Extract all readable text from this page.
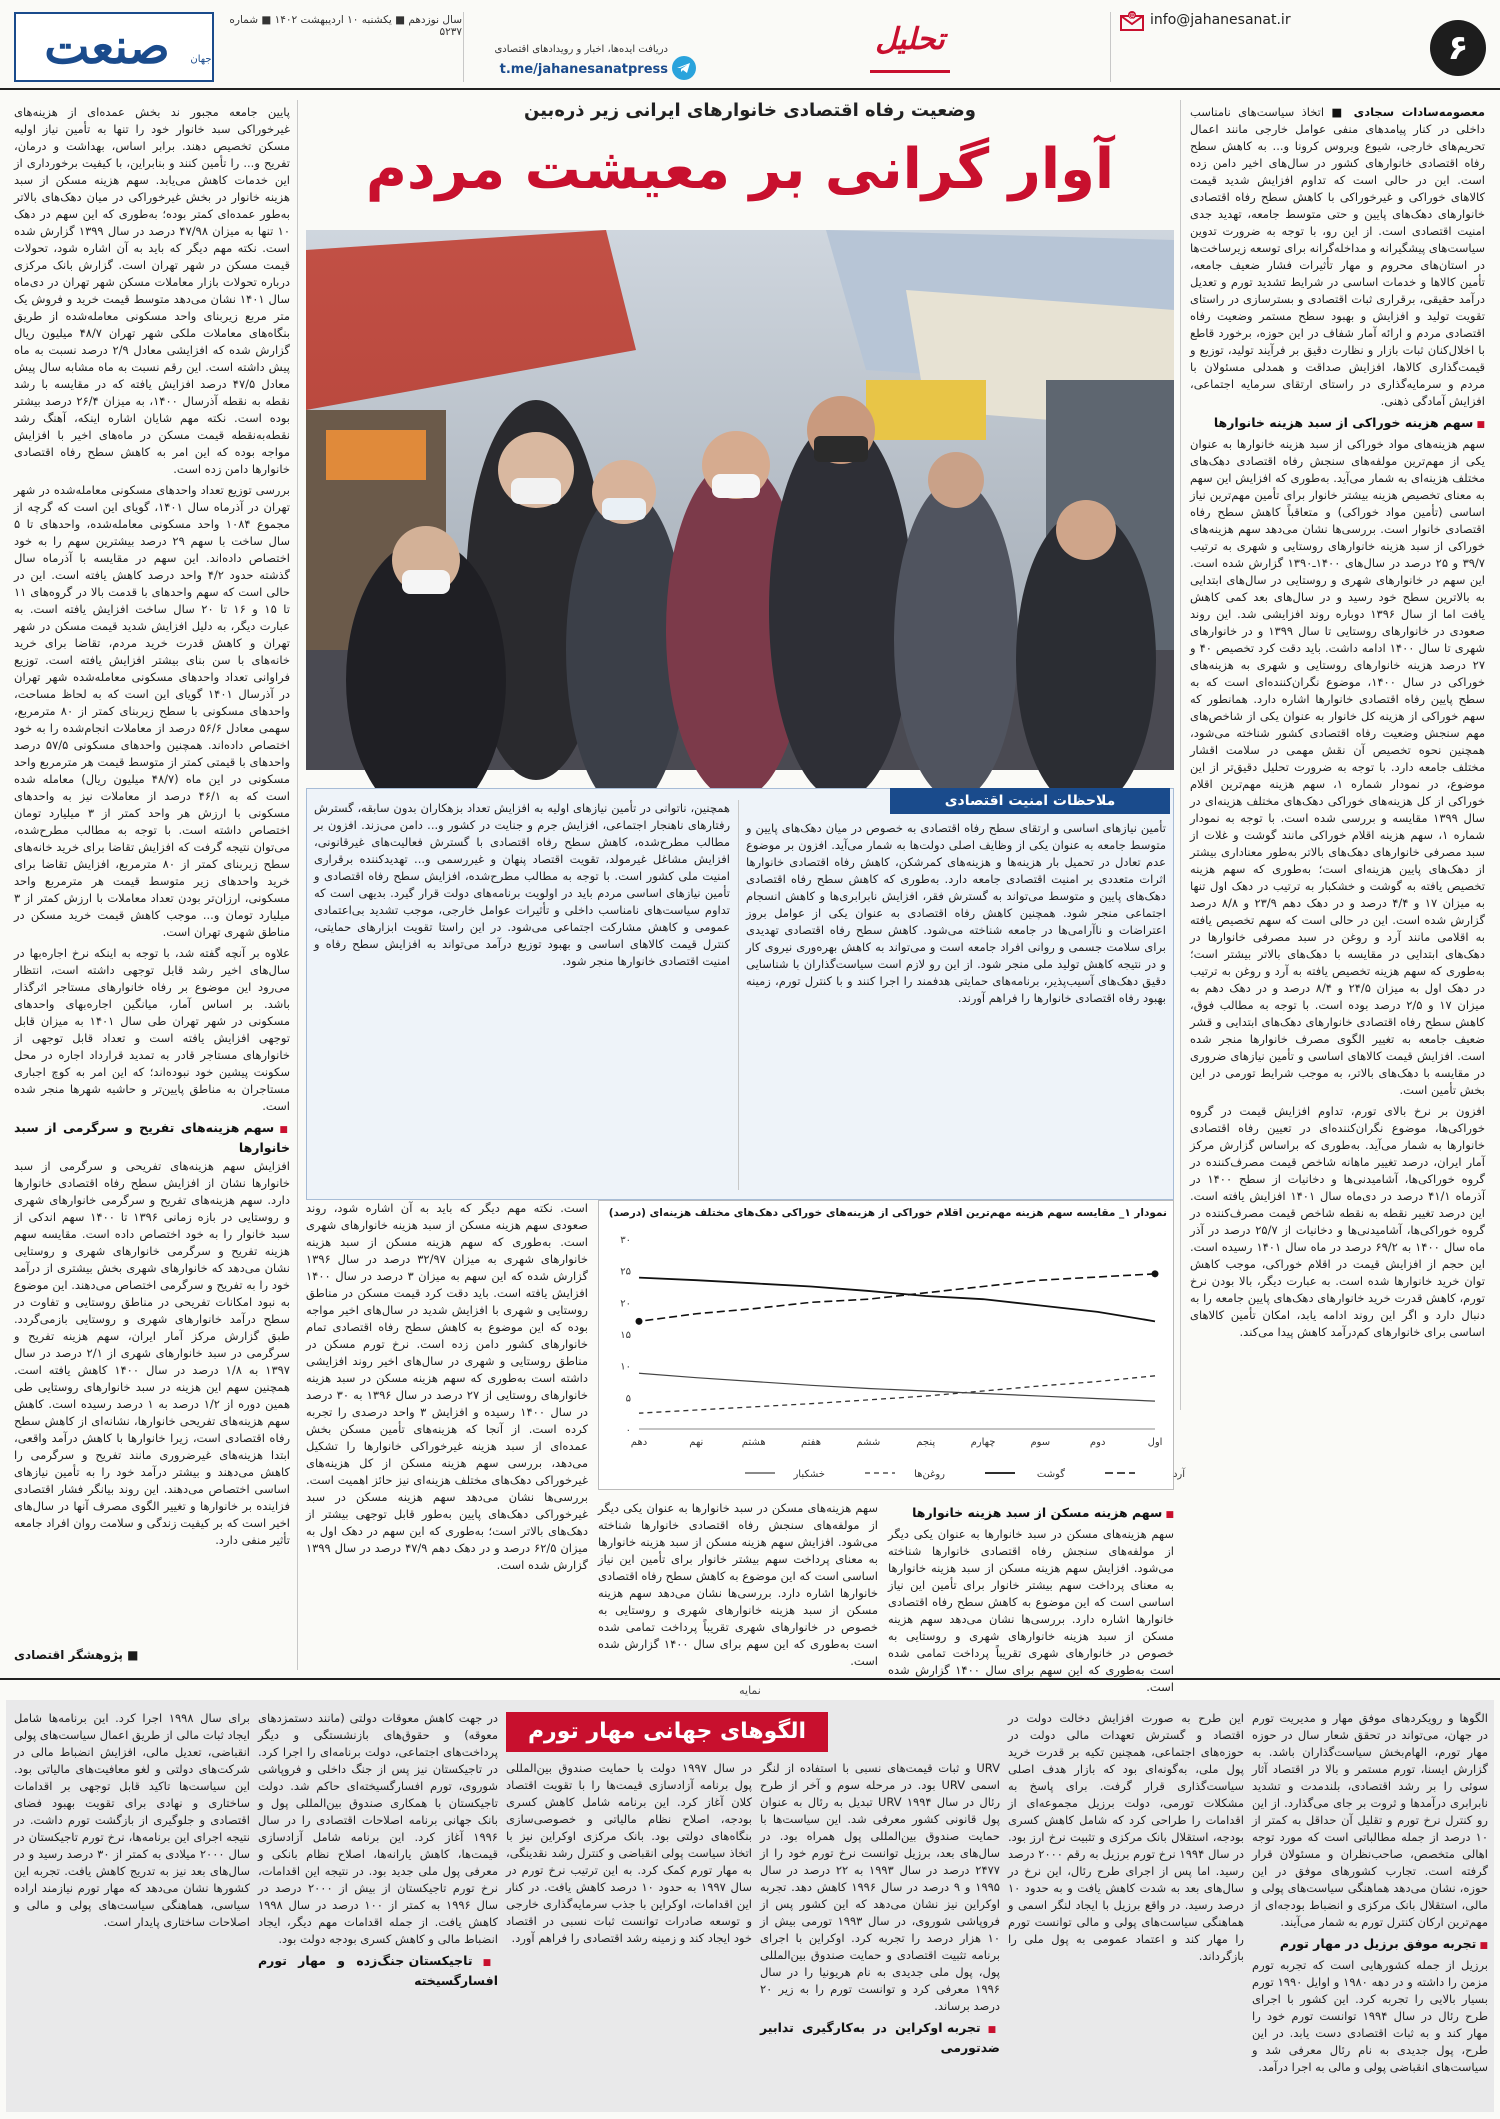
صنعت	جهان
سال نوزدهم ■ یکشنبه ۱۰ اردیبهشت ۱۴۰۲ ■ شماره ۵۲۳۷
دریافت ایده‌ها، اخبار و رویدادهای اقتصادی
t.me/jahanesanatpress
تحلیل
info@jahanesanat.ir
@
۶

معصومه‌سادات سجادی ■ اتخاذ سیاست‌های نامناسب داخلی در کنار پیامدهای منفی عوامل خارجی مانند اعمال تحریم‌های خارجی، شیوع ویروس کرونا و... به کاهش سطح رفاه اقتصادی خانوارهای کشور در سال‌های اخیر دامن زده است. این در حالی است که تداوم افزایش شدید قیمت کالاهای خوراکی و غیرخوراکی با کاهش سطح رفاه اقتصادی خانوارهای دهک‌های پایین و حتی متوسط جامعه، تهدید جدی امنیت اقتصادی است. از این رو، با توجه به ضرورت تدوین سیاست‌های پیشگیرانه و مداخله‌گرانه برای توسعه زیرساخت‌ها در استان‌های محروم و مهار تأثیرات فشار ضعیف جامعه، تأمین کالاها و خدمات اساسی در شرایط تشدید تورم و تعدیل درآمد حقیقی، برقراری ثبات اقتصادی و بسترسازی در راستای تقویت تولید و افزایش و بهبود سطح مستمر وضعیت رفاه اقتصادی مردم و ارائه آمار شفاف در این حوزه، برخورد قاطع با اخلال‌کنان ثبات بازار و نظارت دقیق بر فرآیند تولید، توزیع و قیمت‌گذاری کالاها، افزایش صداقت و همدلی مسئولان با مردم و سرمایه‌گذاری در راستای ارتقای سرمایه اجتماعی، افزایش آمادگی ذهنی.

■ سهم هزینه خوراکی از سبد هزینه خانوارها

سهم هزینه‌های مواد خوراکی از سبد هزینه خانوارها به عنوان یکی از مهم‌ترین مولفه‌های سنجش رفاه اقتصادی دهک‌های مختلف هزینه‌ای به شمار می‌آید. به‌طوری که افزایش این سهم به معنای تخصیص هزینه بیشتر خانوار برای تأمین مهم‌ترین نیاز اساسی (تأمین مواد خوراکی) و متعاقباً کاهش سطح رفاه اقتصادی خانوار است. بررسی‌ها نشان می‌دهد سهم هزینه‌های خوراکی از سبد هزینه خانوارهای روستایی و شهری به ترتیب ۳۹/۷ و ۲۵ درصد در سال‌های ۱۴۰۰ـ۱۳۹۰ گزارش شده است. این سهم در خانوارهای شهری و روستایی در سال‌های ابتدایی به بالاترین سطح خود رسید و در سال‌های بعد کمی کاهش یافت اما از سال ۱۳۹۶ دوباره روند افزایشی شد. این روند صعودی در خانوارهای روستایی تا سال ۱۳۹۹ و در خانوارهای شهری تا سال ۱۴۰۰ ادامه داشت. باید دقت کرد تخصیص ۴۰ و ۲۷ درصد هزینه خانوارهای روستایی و شهری به هزینه‌های خوراکی در سال ۱۴۰۰، موضوع نگران‌کننده‌ای است که به سطح پایین رفاه اقتصادی خانوارها اشاره دارد. همانطور که سهم خوراکی از هزینه کل خانوار به عنوان یکی از شاخص‌های مهم سنجش وضعیت رفاه اقتصادی کشور شناخته می‌شود، همچنین نحوه تخصیص آن نقش مهمی در سلامت اقشار مختلف جامعه دارد. با توجه به ضرورت تحلیل دقیق‌تر از این موضوع، در نمودار شماره ۱، سهم هزینه مهم‌ترین اقلام خوراکی از کل هزینه‌های خوراکی دهک‌های مختلف هزینه‌ای در سال ۱۳۹۹ مقایسه و بررسی شده است. با توجه به نمودار شماره ۱، سهم هزینه اقلام خوراکی مانند گوشت و غلات از سبد مصرفی خانوارهای دهک‌های بالاتر به‌طور معناداری بیشتر از دهک‌های پایین هزینه‌ای است؛ به‌طوری که سهم هزینه تخصیص یافته به گوشت و خشکبار به ترتیب در دهک اول تنها به میزان ۱۷ و ۴/۴ درصد و در دهک دهم ۲۳/۹ و ۸/۸ درصد گزارش شده است. این در حالی است که سهم تخصیص یافته به اقلامی مانند آرد و روغن در سبد مصرفی خانوارها در دهک‌های ابتدایی در مقایسه با دهک‌های بالاتر بیشتر است؛ به‌طوری که سهم هزینه تخصیص یافته به آرد و روغن به ترتیب در دهک اول به میزان ۲۴/۵ و ۸/۴ درصد و در دهک دهم به میزان ۱۷ و ۲/۵ درصد بوده است. با توجه به مطالب فوق، کاهش سطح رفاه اقتصادی خانوارهای دهک‌های ابتدایی و قشر ضعیف جامعه به تغییر الگوی مصرف خانوارها منجر شده است. افزایش قیمت کالاهای اساسی و تأمین نیازهای ضروری در مقایسه با دهک‌های بالاتر، به موجب شرایط تورمی در این بخش تأمین است.

افزون بر نرخ بالای تورم، تداوم افزایش قیمت در گروه خوراکی‌ها، موضوع نگران‌کننده‌ای در تعیین رفاه اقتصادی خانوارها به شمار می‌آید. به‌طوری که براساس گزارش مرکز آمار ایران، درصد تغییر ماهانه شاخص قیمت مصرف‌کننده در گروه خوراکی‌ها، آشامیدنی‌ها و دخانیات از سطح ۱۴۰۰ در آذرماه ۴۱/۱ درصد در دی‌ماه سال ۱۴۰۱ افزایش یافته است. این درصد تغییر نقطه به نقطه شاخص قیمت مصرف‌کننده در گروه خوراکی‌ها، آشامیدنی‌ها و دخانیات از ۲۵/۷ درصد در آذر ماه سال ۱۴۰۰ به ۶۹/۲ درصد در ماه سال ۱۴۰۱ رسیده است. این حجم از افزایش قیمت در اقلام خوراکی، موجب کاهش توان خرید خانوارها شده است. به عبارت دیگر، بالا بودن نرخ تورم، کاهش قدرت خرید خانوارهای دهک‌های پایین جامعه را به دنبال دارد و اگر این روند ادامه یابد، امکان تأمین کالاهای اساسی برای خانوارهای کم‌درآمد کاهش پیدا می‌کند.

وضعیت رفاه اقتصادی خانوارهای ایرانی زیر ذره‌بین
آوار گرانی بر معیشت مردم
ملاحظات امنیت اقتصادی
تأمین نیازهای اساسی و ارتقای سطح رفاه اقتصادی به خصوص در میان دهک‌های پایین و متوسط جامعه به عنوان یکی از وظایف اصلی دولت‌ها به شمار می‌آید. افزون بر موضوع عدم تعادل در تحمیل بار هزینه‌ها و هزینه‌های کمرشکن، کاهش رفاه اقتصادی خانوارها اثرات متعددی بر امنیت اقتصادی جامعه دارد. به‌طوری که کاهش سطح رفاه اقتصادی دهک‌های پایین و متوسط می‌تواند به گسترش فقر، افزایش نابرابری‌ها و کاهش انسجام اجتماعی منجر شود. همچنین کاهش رفاه اقتصادی به عنوان یکی از عوامل بروز اعتراضات و ناآرامی‌ها در جامعه شناخته می‌شود. کاهش سطح رفاه اقتصادی تهدیدی برای سلامت جسمی و روانی افراد جامعه است و می‌تواند به کاهش بهره‌وری نیروی کار و در نتیجه کاهش تولید ملی منجر شود. از این رو لازم است سیاست‌گذاران با شناسایی دقیق دهک‌های آسیب‌پذیر، برنامه‌های حمایتی هدفمند را اجرا کنند و با کنترل تورم، زمینه بهبود رفاه اقتصادی خانوارها را فراهم آورند.
همچنین، ناتوانی در تأمین نیازهای اولیه به افزایش تعداد بزهکاران بدون سابقه، گسترش رفتارهای ناهنجار اجتماعی، افزایش جرم و جنایت در کشور و... دامن می‌زند. افزون بر مطالب مطرح‌شده، کاهش سطح رفاه اقتصادی با گسترش فعالیت‌های غیرقانونی، افزایش مشاغل غیرمولد، تقویت اقتصاد پنهان و غیررسمی و... تهدیدکننده برقراری امنیت ملی کشور است. با توجه به مطالب مطرح‌شده، افزایش سطح رفاه اقتصادی و تأمین نیازهای اساسی مردم باید در اولویت برنامه‌های دولت قرار گیرد. بدیهی است که تداوم سیاست‌های نامناسب داخلی و تأثیرات عوامل خارجی، موجب تشدید بی‌اعتمادی عمومی و کاهش مشارکت اجتماعی می‌شود. در این راستا تقویت ابزارهای حمایتی، کنترل قیمت کالاهای اساسی و بهبود توزیع درآمد می‌تواند به افزایش سطح رفاه و امنیت اقتصادی خانوارها منجر شود.
نمودار ۱_ مقایسه سهم هزینه مهم‌ترین اقلام خوراکی از هزینه‌های خوراکی دهک‌های مختلف هزینه‌ای (درصد)
۰
۵
۱۰
۱۵
۲۰
۲۵
۳۰
اول
دوم
سوم
چهارم
پنجم
ششم
هفتم
هشتم
نهم
دهم
آرد
گوشت
روغن‌ها
خشکبار
■ سهم هزینه مسکن از سبد هزینه خانوارها

سهم هزینه‌های مسکن در سبد خانوارها به عنوان یکی دیگر از مولفه‌های سنجش رفاه اقتصادی خانوارها شناخته می‌شود. افزایش سهم هزینه مسکن از سبد هزینه خانوارها به معنای پرداخت سهم بیشتر خانوار برای تأمین این نیاز اساسی است که این موضوع به کاهش سطح رفاه اقتصادی خانوارها اشاره دارد. بررسی‌ها نشان می‌دهد سهم هزینه مسکن از سبد هزینه خانوارهای شهری و روستایی به خصوص در خانوارهای شهری تقریباً پرداخت تمامی شده است به‌طوری که این سهم برای سال ۱۴۰۰ گزارش شده است.

است. نکته مهم دیگر که باید به آن اشاره شود، روند صعودی سهم هزینه مسکن از سبد هزینه خانوارهای شهری است. به‌طوری که سهم هزینه مسکن از سبد هزینه خانوارهای شهری به میزان ۳۲/۹۷ درصد در سال ۱۳۹۶ گزارش شده که این سهم به میزان ۳ درصد در سال ۱۴۰۰ افزایش یافته است. باید دقت کرد قیمت مسکن در مناطق روستایی و شهری با افزایش شدید در سال‌های اخیر مواجه بوده که این موضوع به کاهش سطح رفاه اقتصادی تمام خانوارهای کشور دامن زده است. نرخ تورم مسکن در مناطق روستایی و شهری در سال‌های اخیر روند افزایشی داشته است به‌طوری که سهم هزینه مسکن در سبد هزینه خانوارهای روستایی از ۲۷ درصد در سال ۱۳۹۶ به ۳۰ درصد در سال ۱۴۰۰ رسیده و افزایش ۳ واحد درصدی را تجربه کرده است. از آنجا که هزینه‌های تأمین مسکن بخش عمده‌ای از سبد هزینه غیرخوراکی خانوارها را تشکیل می‌دهد، بررسی سهم هزینه مسکن از کل هزینه‌های غیرخوراکی دهک‌های مختلف هزینه‌ای نیز حائز اهمیت است. بررسی‌ها نشان می‌دهد سهم هزینه مسکن در سبد غیرخوراکی دهک‌های پایین به‌طور قابل توجهی بیشتر از دهک‌های بالاتر است؛ به‌طوری که این سهم در دهک اول به میزان ۶۲/۵ درصد و در دهک دهم ۴۷/۹ درصد در سال ۱۳۹۹ گزارش شده است.
سهم هزینه‌های مسکن در سبد خانوارها به عنوان یکی دیگر از مولفه‌های سنجش رفاه اقتصادی خانوارها شناخته می‌شود. افزایش سهم هزینه مسکن از سبد هزینه خانوارها به معنای پرداخت سهم بیشتر خانوار برای تأمین این نیاز اساسی است که این موضوع به کاهش سطح رفاه اقتصادی خانوارها اشاره دارد. بررسی‌ها نشان می‌دهد سهم هزینه مسکن از سبد هزینه خانوارهای شهری و روستایی به خصوص در خانوارهای شهری تقریباً پرداخت تمامی شده است به‌طوری که این سهم برای سال ۱۴۰۰ گزارش شده است.

پایین جامعه مجبور ند بخش عمده‌ای از هزینه‌های غیرخوراکی سبد خانوار خود را تنها به تأمین نیاز اولیه مسکن تخصیص دهند. برابر اساس، بهداشت و درمان، تفریح و... را تأمین کنند و بنابراین، با کیفیت برخورداری از این خدمات کاهش می‌یابد. سهم هزینه مسکن از سبد هزینه خانوار در بخش غیرخوراکی در میان دهک‌های بالاتر به‌طور عمده‌ای کمتر بوده؛ به‌طوری که این سهم در دهک ۱۰ تنها به میزان ۴۷/۹۸ درصد در سال ۱۳۹۹ گزارش شده است. نکته مهم دیگر که باید به آن اشاره شود، تحولات قیمت مسکن در شهر تهران است. گزارش بانک مرکزی درباره تحولات بازار معاملات مسکن شهر تهران در دی‌ماه سال ۱۴۰۱ نشان می‌دهد متوسط قیمت خرید و فروش یک متر مربع زیربنای واحد مسکونی معامله‌شده از طریق بنگاه‌های معاملات ملکی شهر تهران ۴۸/۷ میلیون ریال گزارش شده که افزایشی معادل ۲/۹ درصد نسبت به ماه پیش داشته است. این رقم نسبت به ماه مشابه سال پیش معادل ۴۷/۵ درصد افزایش یافته که در مقایسه با رشد نقطه به نقطه آذرسال ۱۴۰۰، به میزان ۲۶/۴ درصد بیشتر بوده است. نکته مهم شایان اشاره اینکه، آهنگ رشد نقطه‌به‌نقطه قیمت مسکن در ماه‌های اخیر با افزایش مواجه بوده که این امر به کاهش سطح رفاه اقتصادی خانوارها دامن زده است.

بررسی توزیع تعداد واحدهای مسکونی معامله‌شده در شهر تهران در آذرماه سال ۱۴۰۱، گویای این است که گرچه از مجموع ۱۰۸۴ واحد مسکونی معامله‌شده، واحدهای تا ۵ سال ساخت با سهم ۲۹ درصد بیشترین سهم را به خود اختصاص داده‌اند. این سهم در مقایسه با آذرماه سال گذشته حدود ۴/۲ واحد درصد کاهش یافته است. این در حالی است که سهم واحدهای با قدمت بالا در گروه‌های ۱۱ تا ۱۵ و ۱۶ تا ۲۰ سال ساخت افزایش یافته است. به عبارت دیگر، به دلیل افزایش شدید قیمت مسکن در شهر تهران و کاهش قدرت خرید مردم، تقاضا برای خرید خانه‌های با سن بنای بیشتر افزایش یافته است. توزیع فراوانی تعداد واحدهای مسکونی معامله‌شده شهر تهران در آذرسال ۱۴۰۱ گویای این است که به لحاظ مساحت، واحدهای مسکونی با سطح زیربنای کمتر از ۸۰ مترمربع، سهمی معادل ۵۶/۶ درصد از معاملات انجام‌شده را به خود اختصاص داده‌اند. همچنین واحدهای مسکونی ۵۷/۵ درصد واحدهای با قیمتی کمتر از متوسط قیمت هر مترمربع واحد مسکونی در این ماه (۴۸/۷ میلیون ریال) معامله شده است که به ۴۶/۱ درصد از معاملات نیز به واحدهای مسکونی با ارزش هر واحد کمتر از ۳ میلیارد تومان اختصاص داشته است. با توجه به مطالب مطرح‌شده، می‌توان نتیجه گرفت که افزایش تقاضا برای خرید خانه‌های سطح زیربنای کمتر از ۸۰ مترمربع، افزایش تقاضا برای خرید واحدهای زیر متوسط قیمت هر مترمربع واحد مسکونی، ارزان‌تر بودن تعداد معاملات با ارزش کمتر از ۳ میلیارد تومان و... موجب کاهش قیمت خرید مسکن در مناطق شهری تهران است.

علاوه بر آنچه گفته شد، با توجه به اینکه نرخ اجاره‌بها در سال‌های اخیر رشد قابل توجهی داشته است، انتظار می‌رود این موضوع بر رفاه خانوارهای مستاجر اثرگذار باشد. بر اساس آمار، میانگین اجاره‌بهای واحدهای مسکونی در شهر تهران طی سال ۱۴۰۱ به میزان قابل توجهی افزایش یافته است و تعداد قابل توجهی از خانوارهای مستاجر قادر به تمدید قرارداد اجاره در محل سکونت پیشین خود نبوده‌اند؛ که این امر به کوچ اجباری مستاجران به مناطق پایین‌تر و حاشیه شهرها منجر شده است.

■ سهم هزینه‌های تفریح و سرگرمی از سبد خانوارها

افزایش سهم هزینه‌های تفریحی و سرگرمی از سبد خانوارها نشان از افزایش سطح رفاه اقتصادی خانوارها دارد. سهم هزینه‌های تفریح و سرگرمی خانوارهای شهری و روستایی در بازه زمانی ۱۳۹۶ تا ۱۴۰۰ سهم اندکی از سبد خانوار را به خود اختصاص داده است. مقایسه سهم هزینه تفریح و سرگرمی خانوارهای شهری و روستایی نشان می‌دهد که خانوارهای شهری بخش بیشتری از درآمد خود را به تفریح و سرگرمی اختصاص می‌دهند. این موضوع به نبود امکانات تفریحی در مناطق روستایی و تفاوت در سطح درآمد خانوارهای شهری و روستایی بازمی‌گردد. طبق گزارش مرکز آمار ایران، سهم هزینه تفریح و سرگرمی در سبد خانوارهای شهری از ۲/۱ درصد در سال ۱۳۹۷ به ۱/۸ درصد در سال ۱۴۰۰ کاهش یافته است. همچنین سهم این هزینه در سبد خانوارهای روستایی طی همین دوره از ۱/۲ درصد به ۱ درصد رسیده است. کاهش سهم هزینه‌های تفریحی خانوارها، نشانه‌ای از کاهش سطح رفاه اقتصادی است، زیرا خانوارها با کاهش درآمد واقعی، ابتدا هزینه‌های غیرضروری مانند تفریح و سرگرمی را کاهش می‌دهند و بیشتر درآمد خود را به تأمین نیازهای اساسی اختصاص می‌دهند. این روند بیانگر فشار اقتصادی فزاینده بر خانوارها و تغییر الگوی مصرف آنها در سال‌های اخیر است که بر کیفیت زندگی و سلامت روان افراد جامعه تأثیر منفی دارد.

■ پژوهشگر اقتصادی
نمایه
الگوهای جهانی مهار تورم

الگوها و رویکردهای موفق مهار و مدیریت تورم در جهان، می‌تواند در تحقق شعار سال در حوزه مهار تورم، الهام‌بخش سیاست‌گذاران باشد. به گزارش ایسنا، تورم مستمر و بالا در اقتصاد آثار سوئی را بر رشد اقتصادی، بلندمدت و تشدید نابرابری درآمدها و ثروت بر جای می‌گذارد. از این رو کنترل نرخ تورم و تقلیل آن حداقل به کمتر از ۱۰ درصد از جمله مطالباتی است که مورد توجه اهالی متخصص، صاحب‌نظران و مسئولان قرار گرفته است. تجارب کشورهای موفق در این حوزه، نشان می‌دهد هماهنگی سیاست‌های پولی و مالی، استقلال بانک مرکزی و انضباط بودجه‌ای از مهم‌ترین ارکان کنترل تورم به شمار می‌آیند.

■ تجربه موفق برزیل در مهار تورم

برزیل از جمله کشورهایی است که تجربه تورم مزمن را داشته و در دهه ۱۹۸۰ و اوایل ۱۹۹۰ تورم بسیار بالایی را تجربه کرد. این کشور با اجرای طرح رئال در سال ۱۹۹۴ توانست تورم خود را مهار کند و به ثبات اقتصادی دست یابد. در این طرح، پول جدیدی به نام رئال معرفی شد و سیاست‌های انقباضی پولی و مالی به اجرا درآمد.

این طرح به صورت افزایش دخالت دولت در اقتصاد و گسترش تعهدات مالی دولت در حوزه‌های اجتماعی، همچنین تکیه بر قدرت خرید پول ملی، به‌گونه‌ای بود که بازار هدف اصلی سیاست‌گذاری قرار گرفت. برای پاسخ به مشکلات تورمی، دولت برزیل مجموعه‌ای از اقدامات را طراحی کرد که شامل کاهش کسری بودجه، استقلال بانک مرکزی و تثبیت نرخ ارز بود. در سال ۱۹۹۴ نرخ تورم برزیل به رقم ۲۰۰۰ درصد رسید. اما پس از اجرای طرح رئال، این نرخ در سال‌های بعد به شدت کاهش یافت و به حدود ۱۰ درصد رسید. در واقع برزیل با ایجاد لنگر اسمی و هماهنگی سیاست‌های پولی و مالی توانست تورم را مهار کند و اعتماد عمومی به پول ملی را بازگرداند.

URV و ثبات قیمت‌های نسبی با استفاده از لنگر اسمی URV بود. در مرحله سوم و آخر از طرح رئال در سال ۱۹۹۴ URV تبدیل به رئال به عنوان پول قانونی کشور معرفی شد. این سیاست‌ها با حمایت صندوق بین‌المللی پول همراه بود. در سال‌های بعد، برزیل توانست نرخ تورم خود را از ۲۴۷۷ درصد در سال ۱۹۹۳ به ۲۲ درصد در سال ۱۹۹۵ و ۹ درصد در سال ۱۹۹۶ کاهش دهد. تجربه اوکراین نیز نشان می‌دهد که این کشور پس از فروپاشی شوروی، در سال ۱۹۹۳ تورمی بیش از ۱۰ هزار درصد را تجربه کرد. اوکراین با اجرای برنامه تثبیت اقتصادی و حمایت صندوق بین‌المللی پول، پول ملی جدیدی به نام هریونیا را در سال ۱۹۹۶ معرفی کرد و توانست تورم را به زیر ۲۰ درصد برساند.

■ تجربه اوکراین در به‌کارگیری تدابیر ضدتورمی
در سال ۱۹۹۷ دولت با حمایت صندوق بین‌المللی پول برنامه آزادسازی قیمت‌ها را با تقویت اقتصاد کلان آغاز کرد. این برنامه شامل کاهش کسری بودجه، اصلاح نظام مالیاتی و خصوصی‌سازی بنگاه‌های دولتی بود. بانک مرکزی اوکراین نیز با اتخاذ سیاست پولی انقباضی و کنترل رشد نقدینگی، به مهار تورم کمک کرد. به این ترتیب نرخ تورم در سال ۱۹۹۷ به حدود ۱۰ درصد کاهش یافت. در کنار این اقدامات، اوکراین با جذب سرمایه‌گذاری خارجی و توسعه صادرات توانست ثبات نسبی در اقتصاد خود ایجاد کند و زمینه رشد اقتصادی را فراهم آورد.

در جهت کاهش معوقات دولتی (مانند دستمزدهای معوقه) و حقوق‌های بازنشستگی و دیگر پرداخت‌های اجتماعی، دولت برنامه‌ای را اجرا کرد. در تاجیکستان نیز پس از جنگ داخلی و فروپاشی شوروی، تورم افسارگسیخته‌ای حاکم شد. دولت تاجیکستان با همکاری صندوق بین‌المللی پول و بانک جهانی برنامه اصلاحات اقتصادی را در سال ۱۹۹۶ آغاز کرد. این برنامه شامل آزادسازی قیمت‌ها، کاهش یارانه‌ها، اصلاح نظام بانکی و معرفی پول ملی جدید بود. در نتیجه این اقدامات، نرخ تورم تاجیکستان از بیش از ۲۰۰۰ درصد در سال ۱۹۹۶ به کمتر از ۱۰۰ درصد در سال ۱۹۹۸ کاهش یافت. از جمله اقدامات مهم دیگر، ایجاد انضباط مالی و کاهش کسری بودجه دولت بود.

■ تاجیکستان جنگ‌زده و مهار تورم افسارگسیخته
برای سال ۱۹۹۸ اجرا کرد. این برنامه‌ها شامل ایجاد ثبات مالی از طریق اعمال سیاست‌های پولی انقباضی، تعدیل مالی، افزایش انضباط مالی در شرکت‌های دولتی و لغو معافیت‌های مالیاتی بود. این سیاست‌ها تاکید قابل توجهی بر اقدامات ساختاری و نهادی برای تقویت بهبود فضای اقتصادی و جلوگیری از بازگشت تورم داشت. در نتیجه اجرای این برنامه‌ها، نرخ تورم تاجیکستان در سال ۲۰۰۰ میلادی به کمتر از ۳۰ درصد رسید و در سال‌های بعد نیز به تدریج کاهش یافت. تجربه این کشورها نشان می‌دهد که مهار تورم نیازمند اراده سیاسی، هماهنگی سیاست‌های پولی و مالی و اصلاحات ساختاری پایدار است.
